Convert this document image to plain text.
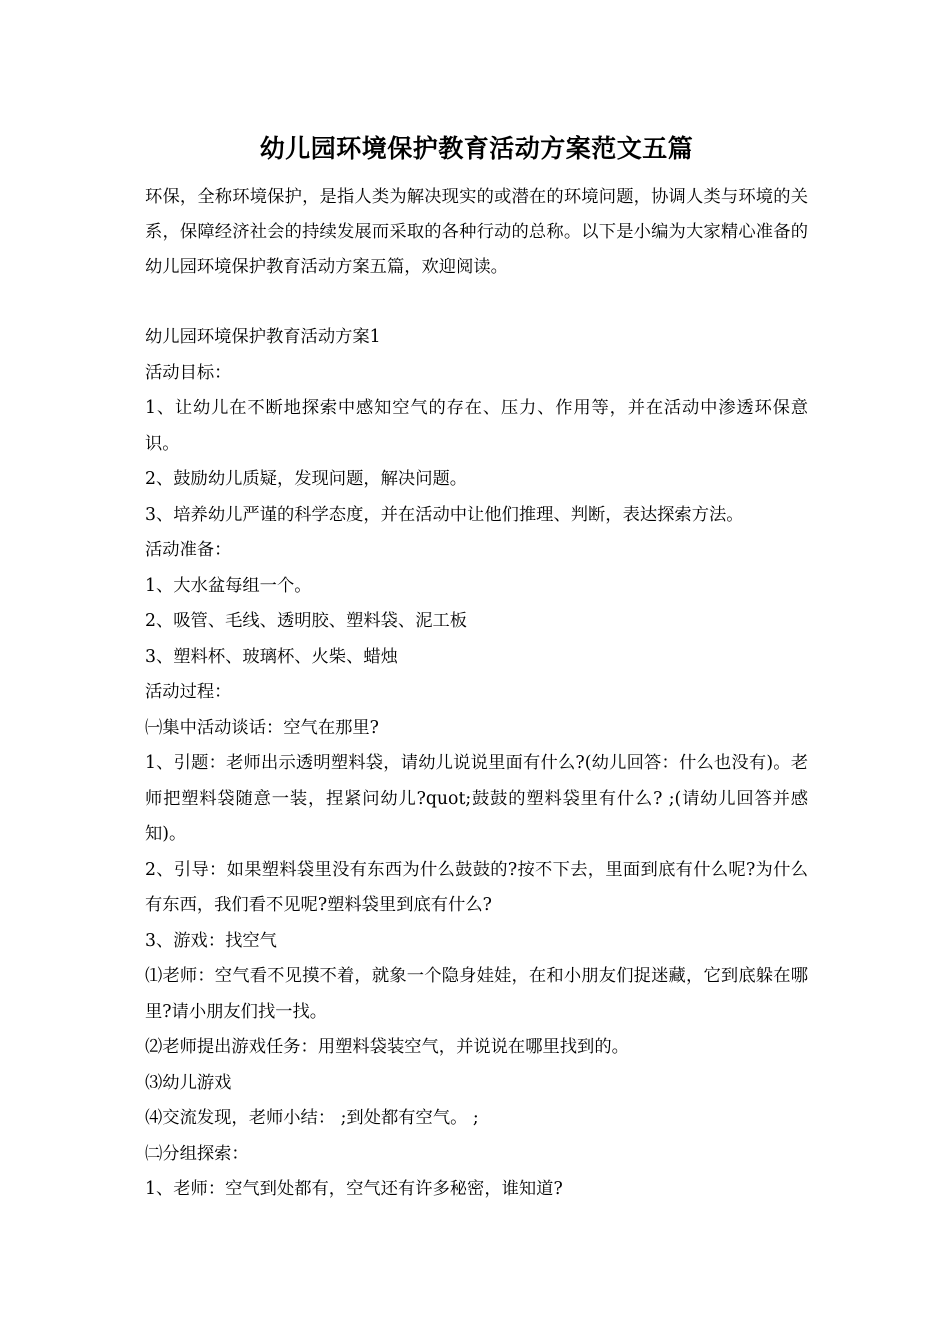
幼儿园环境保护教育活动方案范文五篇

环保，全称环境保护，是指人类为解决现实的或潜在的环境问题，协调人类与环境的关系，保障经济社会的持续发展而采取的各种行动的总称。以下是小编为大家精心准备的幼儿园环境保护教育活动方案五篇，欢迎阅读。

幼儿园环境保护教育活动方案1

活动目标：

1、让幼儿在不断地探索中感知空气的存在、压力、作用等，并在活动中渗透环保意识。

2、鼓励幼儿质疑，发现问题，解决问题。

3、培养幼儿严谨的科学态度，并在活动中让他们推理、判断，表达探索方法。

活动准备：

1、大水盆每组一个。

2、吸管、毛线、透明胶、塑料袋、泥工板

3、塑料杯、玻璃杯、火柴、蜡烛

活动过程：

㈠集中活动谈话：空气在那里?

1、引题：老师出示透明塑料袋，请幼儿说说里面有什么?(幼儿回答：什么也没有)。老师把塑料袋随意一装，捏紧问幼儿?quot;鼓鼓的塑料袋里有什么? ;(请幼儿回答并感知)。

2、引导：如果塑料袋里没有东西为什么鼓鼓的?按不下去，里面到底有什么呢?为什么有东西，我们看不见呢?塑料袋里到底有什么?

3、游戏：找空气

⑴老师：空气看不见摸不着，就象一个隐身娃娃，在和小朋友们捉迷藏，它到底躲在哪里?请小朋友们找一找。

⑵老师提出游戏任务：用塑料袋装空气，并说说在哪里找到的。

⑶幼儿游戏

⑷交流发现，老师小结： ;到处都有空气。 ;

㈡分组探索：

1、老师：空气到处都有，空气还有许多秘密，谁知道?
